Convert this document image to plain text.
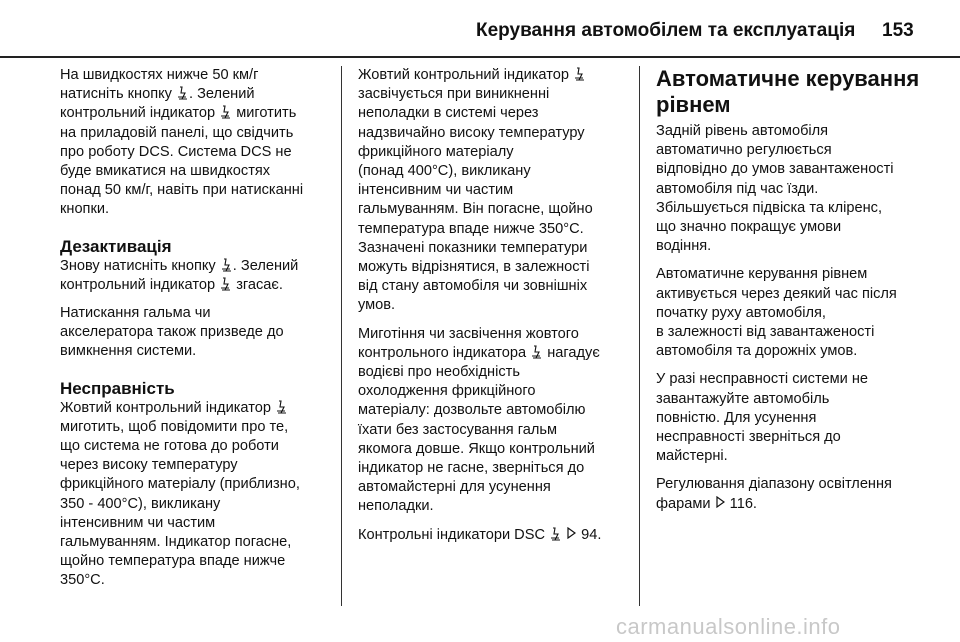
Керування автомобілем та експлуатація 153
На швидкостях нижче 50 км/г
натисніть кнопку
. Зелений
контрольний індикатор
миготить
на приладовій панелі, що свідчить
про роботу DCS. Система DCS не
буде вмикатися на швидкостях
понад 50 км/г, навіть при натисканні
кнопки.
Дезактивація
Знову натисніть кнопку
. Зелений
контрольний індикатор
згасає.
Натискання гальма чи
акселератора також призведе до
вимкнення системи.
Несправність
Жовтий контрольний індикатор
миготить, щоб повідомити про те,
що система не готова до роботи
через високу температуру
фрикційного матеріалу (приблизно,
350 - 400°C), викликану
інтенсивним чи частим
гальмуванням. Індикатор погасне,
щойно температура впаде нижче
350°C.
Жовтий контрольний індикатор
засвічується при виникненні
неполадки в системі через
надзвичайно високу температуру
фрикційного матеріалу
(понад 400°C), викликану
інтенсивним чи частим
гальмуванням. Він погасне, щойно
температура впаде нижче 350°C.
Зазначені показники температури
можуть відрізнятися, в залежності
від стану автомобіля чи зовнішніх
умов.
Миготіння чи засвічення жовтого
контрольного індикатора
нагадує
водієві про необхідність
охолодження фрикційного
матеріалу: дозвольте автомобілю
їхати без застосування гальм
якомога довше. Якщо контрольний
індикатор не гасне, зверніться до
автомайстерні для усунення
неполадки.
Контрольні індикатори DSC

94.
Автоматичне керування
рівнем
Задній рівень автомобіля
автоматично регулюється
відповідно до умов завантаженості
автомобіля під час їзди.
Збільшується підвіска та кліренс,
що значно покращує умови
водіння.
Автоматичне керування рівнем
активується через деякий час після
початку руху автомобіля,
в залежності від завантаженості
автомобіля та дорожніх умов.
У разі несправності системи не
завантажуйте автомобіль
повністю. Для усунення
несправності зверніться до
майстерні.
Регулювання діапазону освітлення
фарами
116.
carmanualsonline.info
